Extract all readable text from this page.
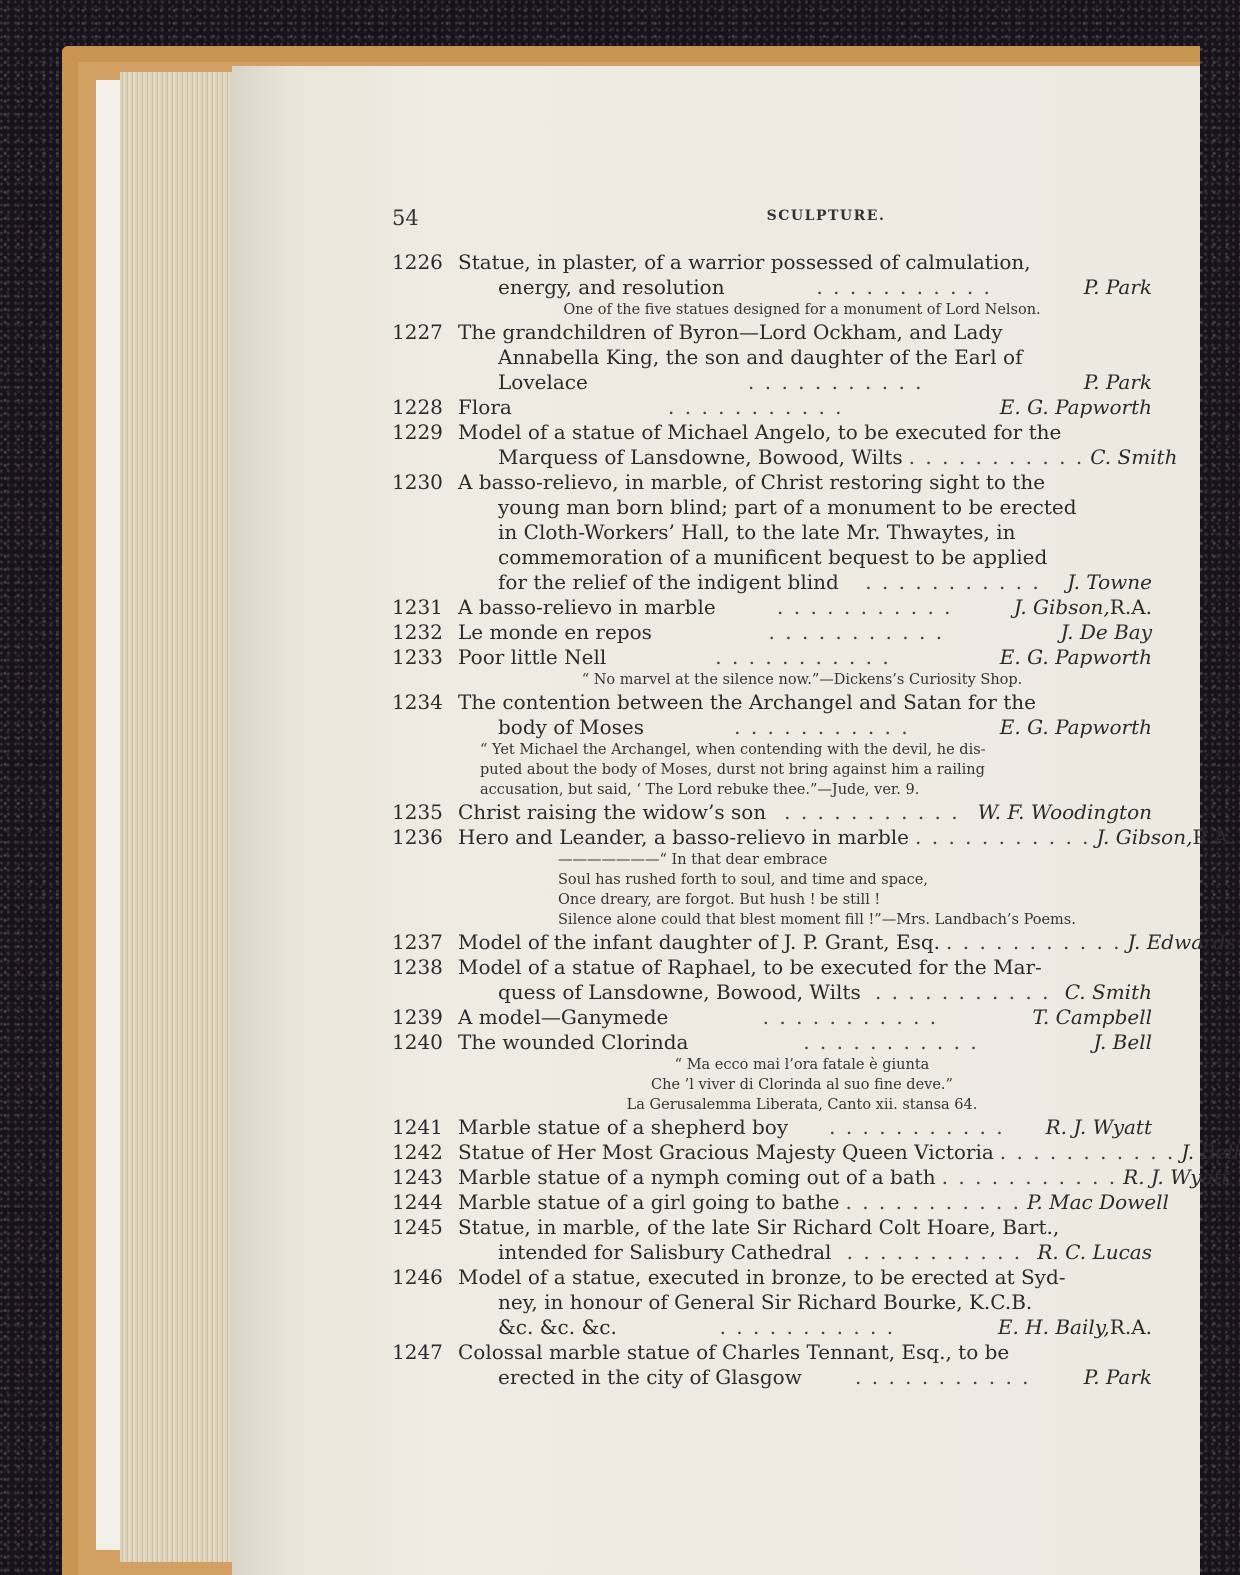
54	SCULPTURE.
1226 Statue, in plaster, of a warrior possessed of calmulation,
energy, and resolution	. . . . . . . . . . .	P. Park
One of the five statues designed for a monument of Lord Nelson.
1227 The grandchildren of Byron—Lord Ockham, and Lady
Annabella King, the son and daughter of the Earl of
Lovelace	. . . . . . . . . . .	P. Park
1228 Flora	. . . . . . . . . . .	E. G. Papworth
1229 Model of a statue of Michael Angelo, to be executed for the
Marquess of Lansdowne, Bowood, Wilts . . . . . . . . . . . C. Smith
1230 A basso-relievo, in marble, of Christ restoring sight to the
young man born blind; part of a monument to be erected
in Cloth-Workers’ Hall, to the late Mr. Thwaytes, in
commemoration of a munificent bequest to be applied
for the relief of the indigent blind	. . . . . . . . . . .	J. Towne
1231 A basso-relievo in marble	. . . . . . . . . . .	J. Gibson, R.A.
1232 Le monde en repos	. . . . . . . . . . .	J. De Bay
1233 Poor little Nell	. . . . . . . . . . .	E. G. Papworth
“ No marvel at the silence now.”—Dickens’s Curiosity Shop.
1234 The contention between the Archangel and Satan for the
body of Moses	. . . . . . . . . . .	E. G. Papworth
“ Yet Michael the Archangel, when contending with the devil, he dis-
puted about the body of Moses, durst not bring against him a railing
accusation, but said, ‘ The Lord rebuke thee.”—Jude, ver. 9.
1235 Christ raising the widow’s son . . . . . . . . . . . W. F. Woodington
1236 Hero and Leander, a basso-relievo in marble . . . . . . . . . . . J. Gibson, R.A.
———————“ In that dear embrace
Soul has rushed forth to soul, and time and space,
Once dreary, are forgot. But hush ! be still !
Silence alone could that blest moment fill !”—Mrs. Landbach’s Poems.
1237 Model of the infant daughter of J. P. Grant, Esq. . . . . . . . . . . . J. Edwards
1238 Model of a statue of Raphael, to be executed for the Mar-
quess of Lansdowne, Bowood, Wilts . . . . . . . . . . . C. Smith
1239 A model—Ganymede	. . . . . . . . . . .	T. Campbell
1240 The wounded Clorinda	. . . . . . . . . . .	J. Bell
“ Ma ecco mai l’ora fatale è giunta
Che ’l viver di Clorinda al suo fine deve.”
La Gerusalemma Liberata, Canto xii. stansa 64.
1241 Marble statue of a shepherd boy	. . . . . . . . . . .	R. J. Wyatt
1242 Statue of Her Most Gracious Majesty Queen Victoria . . . . . . . . . . . J. Bell
1243 Marble statue of a nymph coming out of a bath . . . . . . . . . . . R. J. Wyatt
1244 Marble statue of a girl going to bathe . . . . . . . . . . . P. Mac Dowell
1245 Statue, in marble, of the late Sir Richard Colt Hoare, Bart.,
intended for Salisbury Cathedral . . . . . . . . . . . R. C. Lucas
1246 Model of a statue, executed in bronze, to be erected at Syd-
ney, in honour of General Sir Richard Bourke, K.C.B.
&c. &c. &c.	. . . . . . . . . . .	E. H. Baily, R.A.
1247 Colossal marble statue of Charles Tennant, Esq., to be
erected in the city of Glasgow	. . . . . . . . . . .	P. Park
